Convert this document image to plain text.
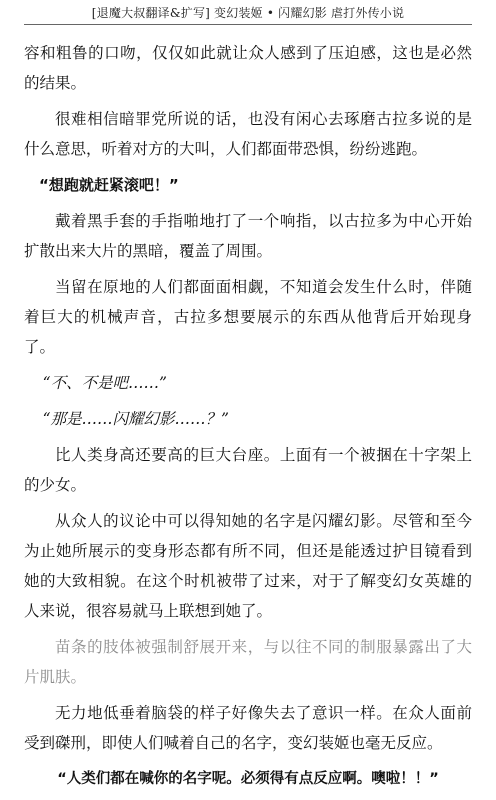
[退魔大叔翻译&扩写] 变幻装姬 • 闪耀幻影 虐打外传小说

容和粗鲁的口吻，仅仅如此就让众人感到了压迫感，这也是必然的结果。

很难相信暗罪党所说的话，也没有闲心去琢磨古拉多说的是什么意思，听着对方的大叫，人们都面带恐惧，纷纷逃跑。

“想跑就赶紧滚吧！”

戴着黑手套的手指啪地打了一个响指，以古拉多为中心开始扩散出来大片的黑暗，覆盖了周围。

当留在原地的人们都面面相觑，不知道会发生什么时，伴随着巨大的机械声音，古拉多想要展示的东西从他背后开始现身了。

“不、不是吧……”

“那是……闪耀幻影……？”

比人类身高还要高的巨大台座。上面有一个被捆在十字架上的少女。

从众人的议论中可以得知她的名字是闪耀幻影。尽管和至今为止她所展示的变身形态都有所不同，但还是能透过护目镜看到她的大致相貌。在这个时机被带了过来，对于了解变幻女英雄的人来说，很容易就马上联想到她了。

苗条的肢体被强制舒展开来，与以往不同的制服暴露出了大片肌肤。

无力地低垂着脑袋的样子好像失去了意识一样。在众人面前受到磔刑，即使人们喊着自己的名字，变幻装姬也毫无反应。

“人类们都在喊你的名字呢。必须得有点反应啊。噢啦！！”
